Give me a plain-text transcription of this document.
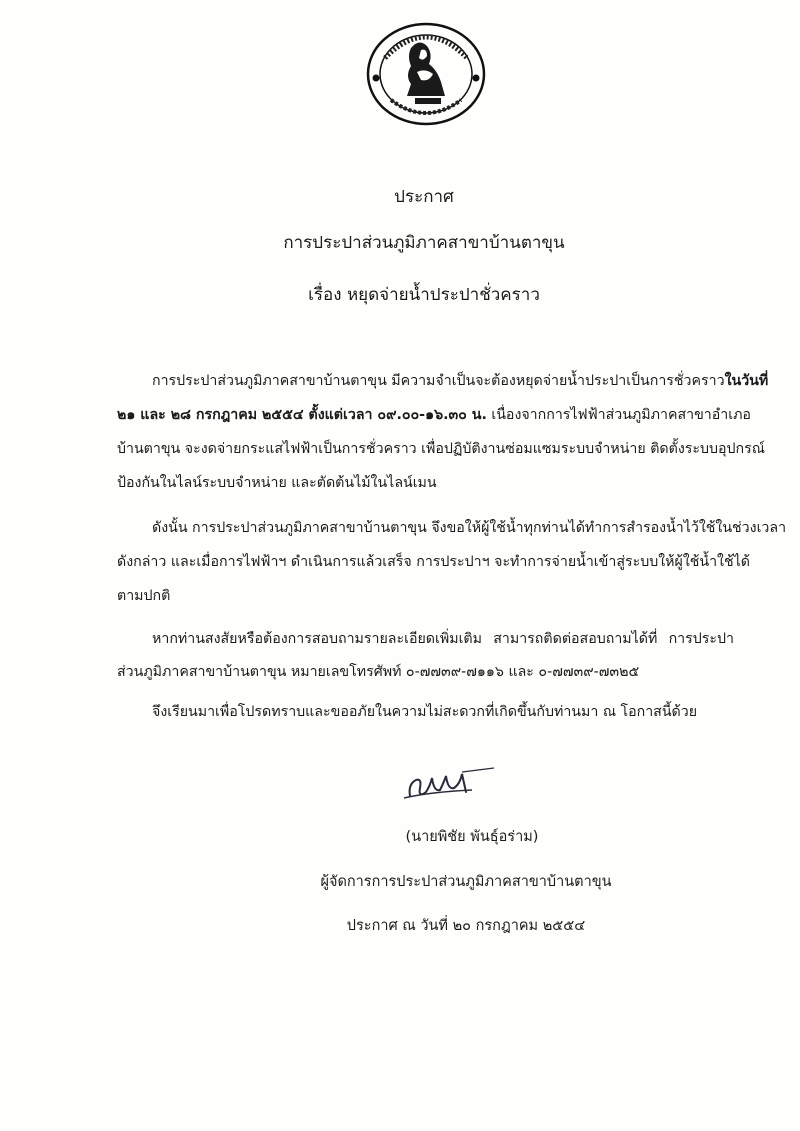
ประกาศ
การประปาส่วนภูมิภาคสาขาบ้านตาขุน
เรื่อง หยุดจ่ายน้ำประปาชั่วคราว
การประปาส่วนภูมิภาคสาขาบ้านตาขุน มีความจำเป็นจะต้องหยุดจ่ายน้ำประปาเป็นการชั่วคราวในวันที่
๒๑ และ ๒๘ กรกฎาคม ๒๕๕๔ ตั้งแต่เวลา ๐๙.๐๐-๑๖.๓๐ น. เนื่องจากการไฟฟ้าส่วนภูมิภาคสาขาอำเภอ
บ้านตาขุน จะงดจ่ายกระแสไฟฟ้าเป็นการชั่วคราว เพื่อปฏิบัติงานซ่อมแซมระบบจำหน่าย ติดตั้งระบบอุปกรณ์
ป้องกันในไลน์ระบบจำหน่าย และตัดต้นไม้ในไลน์เมน
ดังนั้น การประปาส่วนภูมิภาคสาขาบ้านตาขุน จึงขอให้ผู้ใช้น้ำทุกท่านได้ทำการสำรองน้ำไว้ใช้ในช่วงเวลา
ดังกล่าว และเมื่อการไฟฟ้าฯ ดำเนินการแล้วเสร็จ การประปาฯ จะทำการจ่ายน้ำเข้าสู่ระบบให้ผู้ใช้น้ำใช้ได้
ตามปกติ
หากท่านสงสัยหรือต้องการสอบถามรายละเอียดเพิ่มเติม สามารถติดต่อสอบถามได้ที่ การประปา
ส่วนภูมิภาคสาขาบ้านตาขุน หมายเลขโทรศัพท์ ๐-๗๗๓๙-๗๑๑๖ และ ๐-๗๗๓๙-๗๓๒๕
จึงเรียนมาเพื่อโปรดทราบและขออภัยในความไม่สะดวกที่เกิดขึ้นกับท่านมา ณ โอกาสนี้ด้วย
(นายพิชัย พันธุ์อร่าม)
ผู้จัดการการประปาส่วนภูมิภาคสาขาบ้านตาขุน
ประกาศ ณ วันที่ ๒๐ กรกฎาคม ๒๕๕๔
